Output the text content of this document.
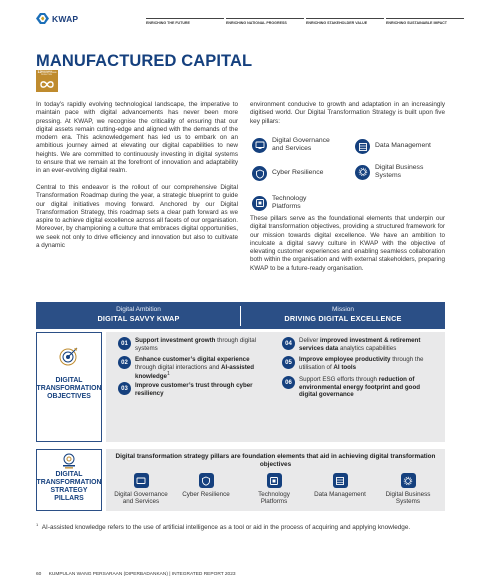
KWAP	ENRICHING THE FUTURE	ENRICHING NATIONAL PROGRESS	ENRICHING STAKEHOLDER VALUE	ENRICHING SUSTAINABLE IMPACT
MANUFACTURED CAPITAL
12 RESPONSIBLE CONSUMPTION AND PRODUCTION

In today’s rapidly evolving technological landscape, the imperative to maintain pace with digital advancements has never been more pressing. At KWAP, we recognise the criticality of ensuring that our digital assets remain cutting-edge and aligned with the demands of the modern era. This acknowledgement has led us to embark on an ambitious journey aimed at elevating our digital capabilities to new heights. We are committed to continuously investing in digital systems to ensure that we remain at the forefront of innovation and adaptability in an ever-evolving digital realm.

Central to this endeavor is the rollout of our comprehensive Digital Transformation Roadmap during the year, a strategic blueprint to guide our digital initiatives moving forward. Anchored by our Digital Transformation Strategy, this roadmap sets a clear path forward as we aspire to achieve digital excellence across all facets of our organisation. Moreover, by championing a culture that embraces digital opportunities, we seek not only to drive efficiency and innovation but also to cultivate a dynamic

environment conducive to growth and adaptation in an increasingly digitised world. Our Digital Transformation Strategy is built upon five key pillars:

Digital Governance and Services	Data Management
Cyber Resilience
Digital Business Systems
Technology Platforms

These pillars serve as the foundational elements that underpin our digital transformation objectives, providing a structured framework for our mission towards digital excellence. We have an ambition to inculcate a digital savvy culture in KWAP with the objective of elevating customer experiences and enabling seamless collaboration both within the organisation and with external stakeholders, preparing KWAP to be a future-ready organisation.

Digital Ambition
DIGITAL SAVVY KWAP
Mission
DRIVING DIGITAL EXCELLENCE
DIGITAL TRANSFORMATION OBJECTIVES
01	Support investment growth through digital systems
02	Enhance customer’s digital experience through digital interactions and AI-assisted knowledge$^1$
03	Improve customer’s trust through cyber resiliency
04	Deliver improved investment & retirement services data analytics capabilities
05	Improve employee productivity through the utilisation of AI tools
06	Support ESG efforts through reduction of environmental energy footprint and good digital governance
DIGITAL TRANSFORMATION STRATEGY PILLARS
Digital transformation strategy pillars are foundation elements that aid in achieving digital transformation objectives
Digital Governance and Services
Cyber Resilience	Technology Platforms
Data Management	Digital Business Systems
$^1$ AI-assisted knowledge refers to the use of artificial intelligence as a tool or aid in the process of acquiring and applying knowledge.
60 KUMPULAN WANG PERSARAAN (DIPERBADANKAN) | INTEGRATED REPORT 2023
